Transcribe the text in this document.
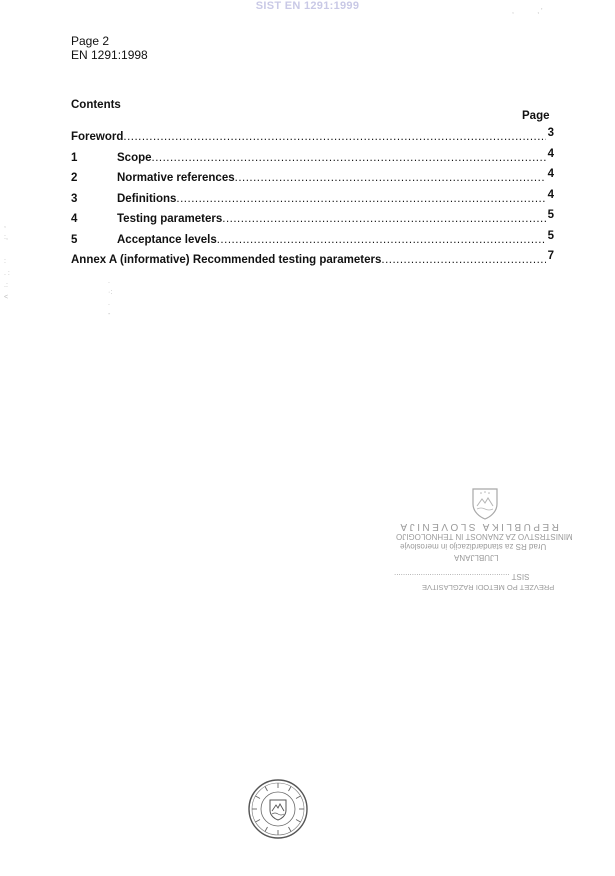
SIST EN 1291:1999
Page 2
EN 1291:1998
Contents
Page
Foreword .....	3
1	Scope .....	4
2	Normative references .....	4
3	Definitions .....	4
4	Testing parameters .....	5
5	Acceptance levels .....	5
Annex A (informative) Recommended testing parameters .....	7
,
:,

:
. :
.:
<
.
·:
.
-
,            , '
REPUBLIKA SLOVENIJA
MINISTRSTVO ZA ZNANOST IN TEHNOLOGIJO
Urad RS za standardizacijo in meroslovje
LJUBLJANA
SIST ....................................................
PREVZET PO METODI RAZGLASITVE
